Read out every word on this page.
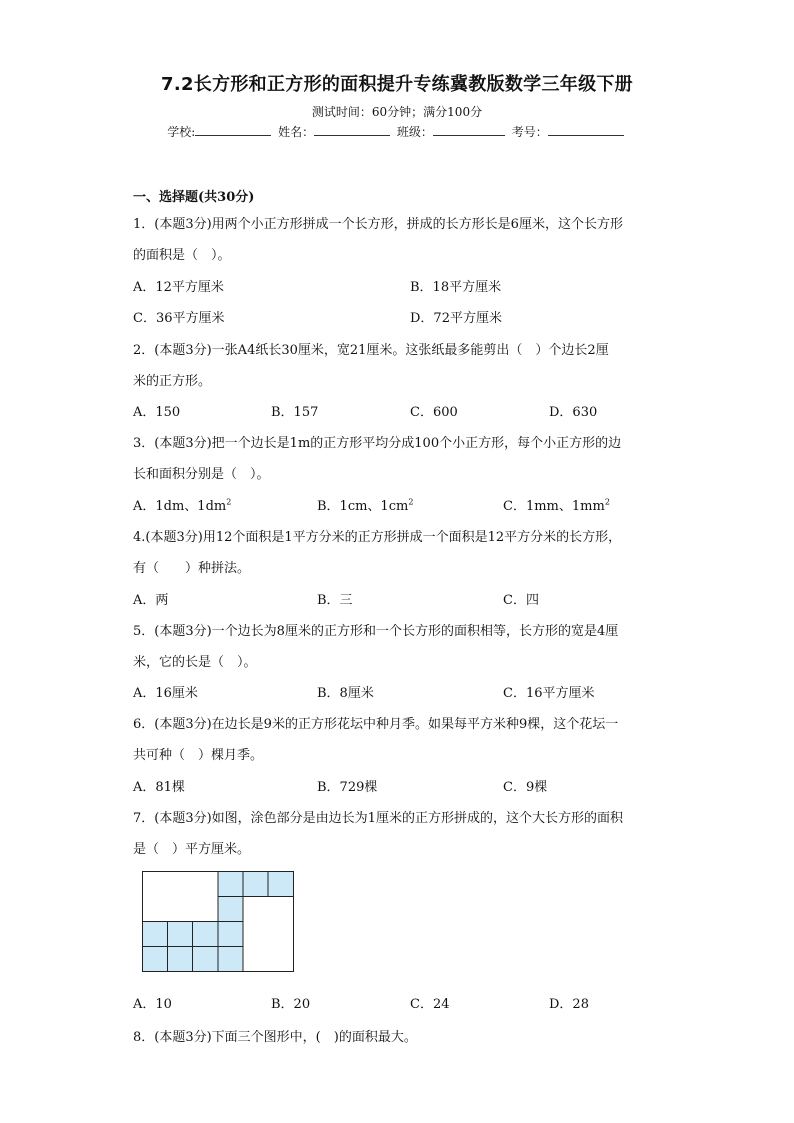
7.2长方形和正方形的面积提升专练冀教版数学三年级下册
测试时间：60分钟；满分100分
学校:	姓名：	班级：	考号：
一、选择题(共30分)
1．(本题3分)用两个小正方形拼成一个长方形，拼成的长方形长是6厘米，这个长方形
的面积是（　）。
A．12平方厘米	B．18平方厘米
C．36平方厘米	D．72平方厘米
2．(本题3分)一张A4纸长30厘米，宽21厘米。这张纸最多能剪出（　）个边长2厘
米的正方形。
A．150	B．157	C．600	D．630
3．(本题3分)把一个边长是1m的正方形平均分成100个小正方形，每个小正方形的边
长和面积分别是（　）。
A．1dm、$1dm^2$	B．1cm、$1cm^2$	C．1mm、$1mm^2$
4.(本题3分)用12个面积是1平方分米的正方形拼成一个面积是12平方分米的长方形，
有（　　）种拼法。
A．两	B．三	C．四
5．(本题3分)一个边长为8厘米的正方形和一个长方形的面积相等，长方形的宽是4厘
米，它的长是（　）。
A．16厘米	B．8厘米	C．16平方厘米
6．(本题3分)在边长是9米的正方形花坛中种月季。如果每平方米种9棵，这个花坛一
共可种（　）棵月季。
A．81棵	B．729棵	C．9棵
7．(本题3分)如图，涂色部分是由边长为1厘米的正方形拼成的，这个大长方形的面积
是（　）平方厘米。
A．10	B．20	C．24	D．28
8．(本题3分)下面三个图形中，(　)的面积最大。
